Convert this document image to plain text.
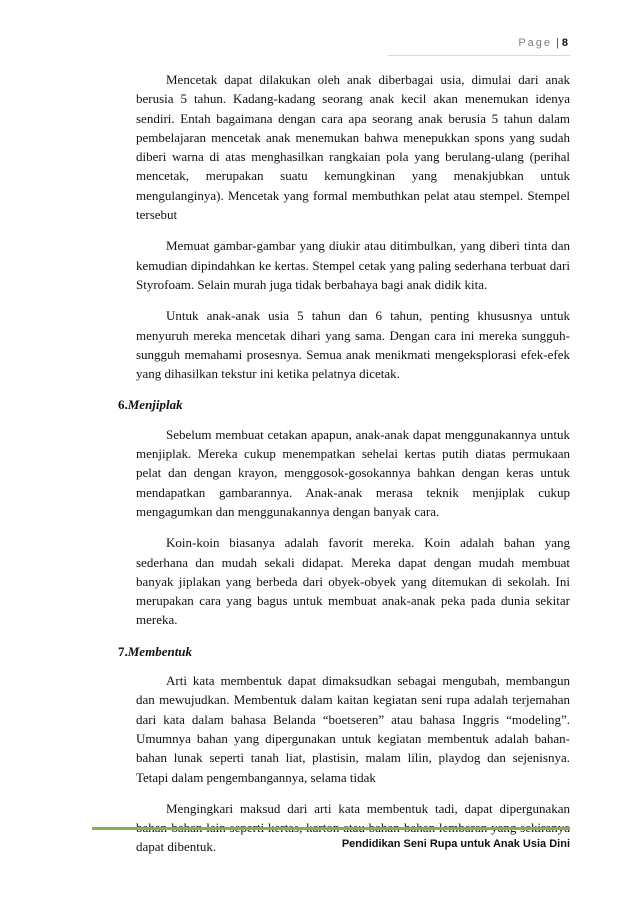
Page | 8

Mencetak dapat dilakukan oleh anak diberbagai usia, dimulai dari anak berusia 5 tahun. Kadang-kadang seorang anak kecil akan menemukan idenya sendiri. Entah bagaimana dengan cara apa seorang anak berusia 5 tahun dalam pembelajaran mencetak anak menemukan bahwa menepukkan spons yang sudah diberi warna di atas menghasilkan rangkaian pola yang berulang-ulang (perihal mencetak, merupakan suatu kemungkinan yang menakjubkan untuk mengulanginya). Mencetak yang formal membuthkan pelat atau stempel. Stempel tersebut

Memuat gambar-gambar yang diukir atau ditimbulkan, yang diberi tinta dan kemudian dipindahkan ke kertas. Stempel cetak yang paling sederhana terbuat dari Styrofoam. Selain murah juga tidak berbahaya bagi anak didik kita.

Untuk anak-anak usia 5 tahun dan 6 tahun, penting khususnya untuk menyuruh mereka mencetak dihari yang sama. Dengan cara ini mereka sungguh-sungguh memahami prosesnya. Semua anak menikmati mengeksplorasi efek-efek yang dihasilkan tekstur ini ketika pelatnya dicetak.

6.Menjiplak

Sebelum membuat cetakan apapun, anak-anak dapat menggunakannya untuk menjiplak. Mereka cukup menempatkan sehelai kertas putih diatas permukaan pelat dan dengan krayon, menggosok-gosokannya bahkan dengan keras untuk mendapatkan gambarannya. Anak-anak merasa teknik menjiplak cukup mengagumkan dan menggunakannya dengan banyak cara.

Koin-koin biasanya adalah favorit mereka. Koin adalah bahan yang sederhana dan mudah sekali didapat. Mereka dapat dengan mudah membuat banyak jiplakan yang berbeda dari obyek-obyek yang ditemukan di sekolah. Ini merupakan cara yang bagus untuk membuat anak-anak peka pada dunia sekitar mereka.

7.Membentuk

Arti kata membentuk dapat dimaksudkan sebagai mengubah, membangun dan mewujudkan. Membentuk dalam kaitan kegiatan seni rupa adalah terjemahan dari kata dalam bahasa Belanda “boetseren” atau bahasa Inggris “modeling”. Umumnya bahan yang dipergunakan untuk kegiatan membentuk adalah bahan-bahan lunak seperti tanah liat, plastisin, malam lilin, playdog dan sejenisnya. Tetapi dalam pengembangannya, selama tidak

Mengingkari maksud dari arti kata membentuk tadi, dapat dipergunakan dapat dibentuk.	Pendidikan Seni Rupa untuk Anak Usia Dini
